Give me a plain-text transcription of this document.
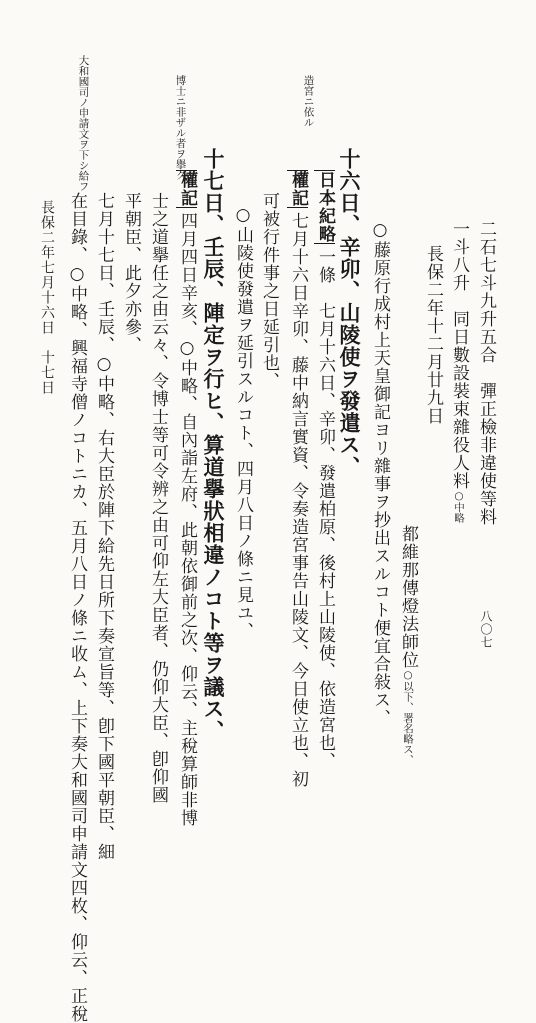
造宮ニ依ル
博士ニ非ザル者ヲ擧グ
大和國司ノ申請文ヲ下シ給フ
二石七斗九升五合　彈正檢非違使等料
一斗八升　同日數設裝束雜役人料○中略
長保二年十二月廿九日
都維那傳燈法師位○以下、署名略ス、
○藤原行成村上天皇御記ヨリ雜事ヲ抄出スルコト便宜合敍ス、
十六日、辛卯、山陵使ヲ發遣ス、
日本紀略一條　七月十六日、辛卯、發遣柏原、後村上山陵使、依造宮也、
權記七月十六日辛卯、藤中納言實資、令奏造宮事告山陵文、今日使立也、初
可被行件事之日延引也、
○山陵使發遣ヲ延引スルコト、四月八日ノ條ニ見ユ、
十七日、壬辰、陣定ヲ行ヒ、算道擧狀相違ノコト等ヲ議ス、
權記四月四日辛亥、○中略、自內詣左府、此朝依御前之次、仰云、主稅算師非博
士之道擧任之由云々、令博士等可令辨之由可仰左大臣者、仍仰大臣、卽仰國
平朝臣、此夕亦參、
七月十七日、壬辰、○中略、右大臣於陣下給先日所下奏宣旨等、卽下國平朝臣、細
在目錄、○中略、興福寺僧ノコトニカ、五月八日ノ條ニ收ム、上下奏大和國司申請文四枚、仰云、正稅
長保二年七月十六日　十七日
八〇七
